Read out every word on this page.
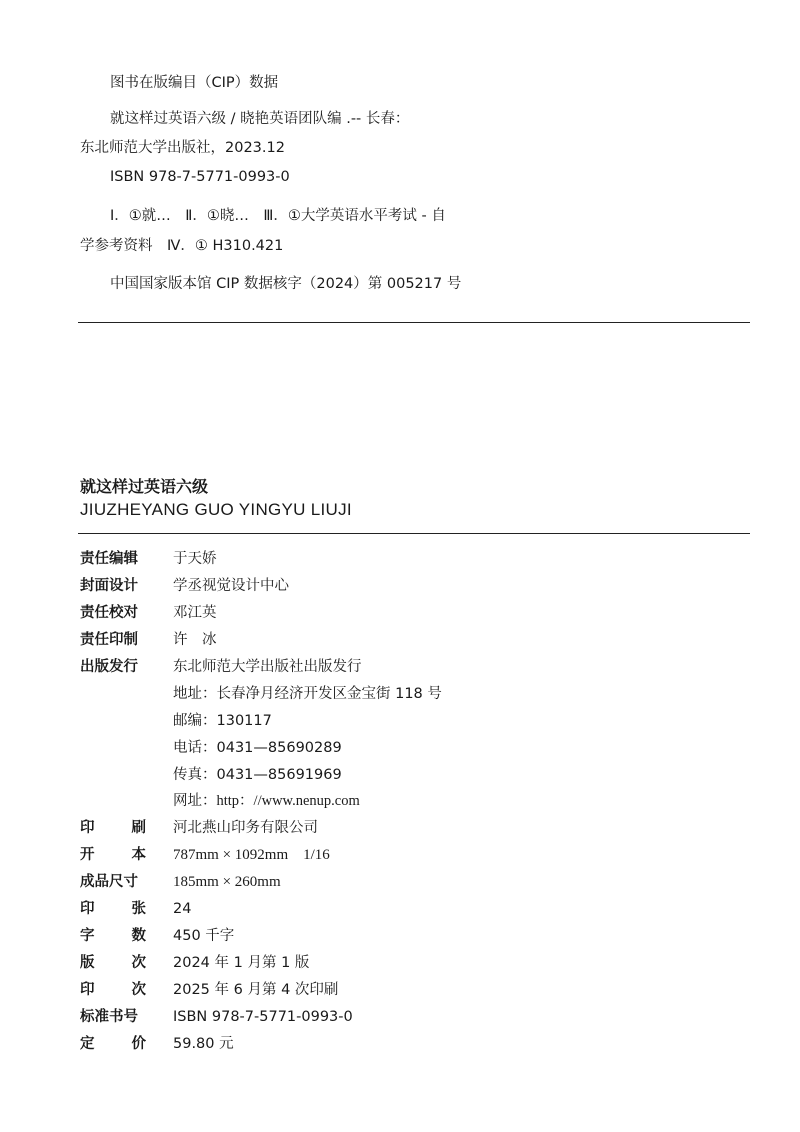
图书在版编目（CIP）数据
就这样过英语六级 / 晓艳英语团队编 .-- 长春：
东北师范大学出版社，2023.12
ISBN 978-7-5771-0993-0
Ⅰ．①就…　Ⅱ．①晓…　Ⅲ．①大学英语水平考试 - 自
学参考资料　Ⅳ．① H310.421
中国国家版本馆 CIP 数据核字（2024）第 005217 号
就这样过英语六级
JIUZHEYANG GUO YINGYU LIUJI
责任编辑 于天娇
封面设计 学丞视觉设计中心
责任校对 邓江英
责任印制 许　冰
出版发行 东北师范大学出版社出版发行
地址：长春净月经济开发区金宝街 118 号
邮编：130117
电话：0431—85690289
传真：0431—85691969
网址：http：//www.nenup.com
印	刷 河北燕山印务有限公司
开	本 787mm × 1092mm　1/16
成品尺寸 185mm × 260mm
印	张 24
字	数 450 千字
版	次 2024 年 1 月第 1 版
印	次 2025 年 6 月第 4 次印刷
标准书号 ISBN 978-7-5771-0993-0
定	价 59.80 元
